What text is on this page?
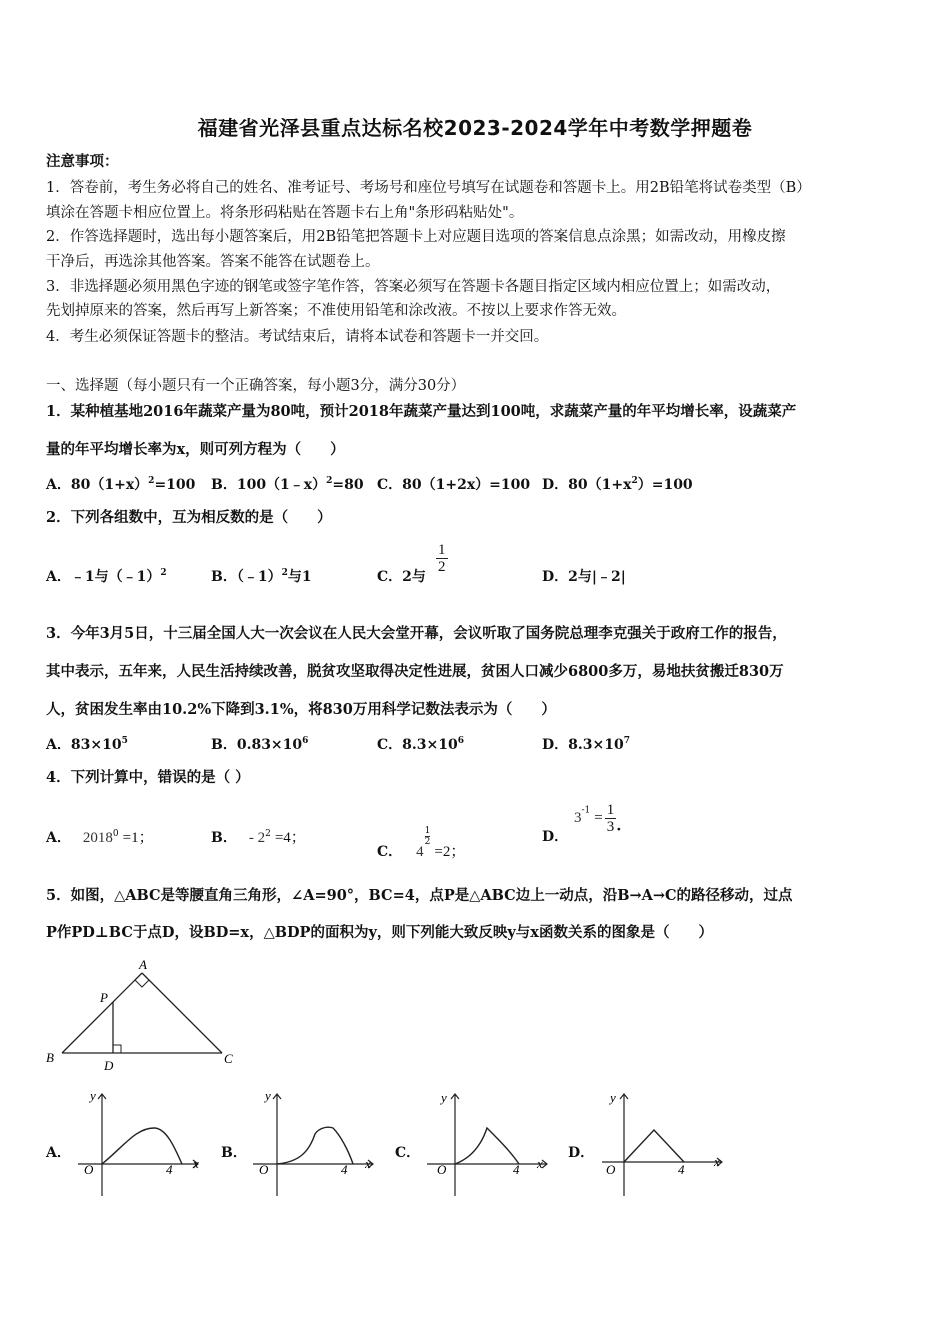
福建省光泽县重点达标名校2023-2024学年中考数学押题卷
注意事项：
1．答卷前，考生务必将自己的姓名、准考证号、考场号和座位号填写在试题卷和答题卡上。用2B铅笔将试卷类型（B）
填涂在答题卡相应位置上。将条形码粘贴在答题卡右上角"条形码粘贴处"。
2．作答选择题时，选出每小题答案后，用2B铅笔把答题卡上对应题目选项的答案信息点涂黑；如需改动，用橡皮擦
干净后，再选涂其他答案。答案不能答在试题卷上。
3．非选择题必须用黑色字迹的钢笔或签字笔作答，答案必须写在答题卡各题目指定区域内相应位置上；如需改动，
先划掉原来的答案，然后再写上新答案；不准使用铅笔和涂改液。不按以上要求作答无效。
4．考生必须保证答题卡的整洁。考试结束后，请将本试卷和答题卡一并交回。
一、选择题（每小题只有一个正确答案，每小题3分，满分30分）
1．某种植基地2016年蔬菜产量为80吨，预计2018年蔬菜产量达到100吨，求蔬菜产量的年平均增长率，设蔬菜产
量的年平均增长率为x，则可列方程为（　　）
A．$80(1+x)^2=100$ B．100（1﹣x）$^2$=80 C．80（1+2x）=100 D．$80(1+x^2)=100$
2．下列各组数中，互为相反数的是（　　）
A．﹣1与（﹣1）$^2$	B．（﹣1）$^2$与1	C．2与
$\frac{1}{2}$
D．2与|﹣2|
3．今年3月5日，十三届全国人大一次会议在人民大会堂开幕，会议听取了国务院总理李克强关于政府工作的报告，
其中表示，五年来，人民生活持续改善，脱贫攻坚取得决定性进展，贫困人口减少6800多万，易地扶贫搬迁830万
人，贫困发生率由10.2%下降到3.1%，将830万用科学记数法表示为（　　）
A．$83\times 10^5$	B．$0.83\times 10^6$	C．$8.3\times 10^6$	D．$8.3\times 10^7$
4．下列计算中，错误的是（ ）
A． $2018^0 =1$；	B． - $2^2 =4$；
C． 4
$\frac{1}{2}$
=2；
D．
$3^{-1} = \frac{1}{3}$ .
5．如图，△ABC是等腰直角三角形，∠A=90°，BC=4，点P是△ABC边上一动点，沿B→A→C的路径移动，过点
P作PD⊥BC于点D，设BD=x，△BDP的面积为y，则下列能大致反映y与x函数关系的图象是（　　）
A
P
B
D	C
A．	B．	C．	D．
y
x
O	4
y
x
O	4
y
x
O	4
y
x
O	4
